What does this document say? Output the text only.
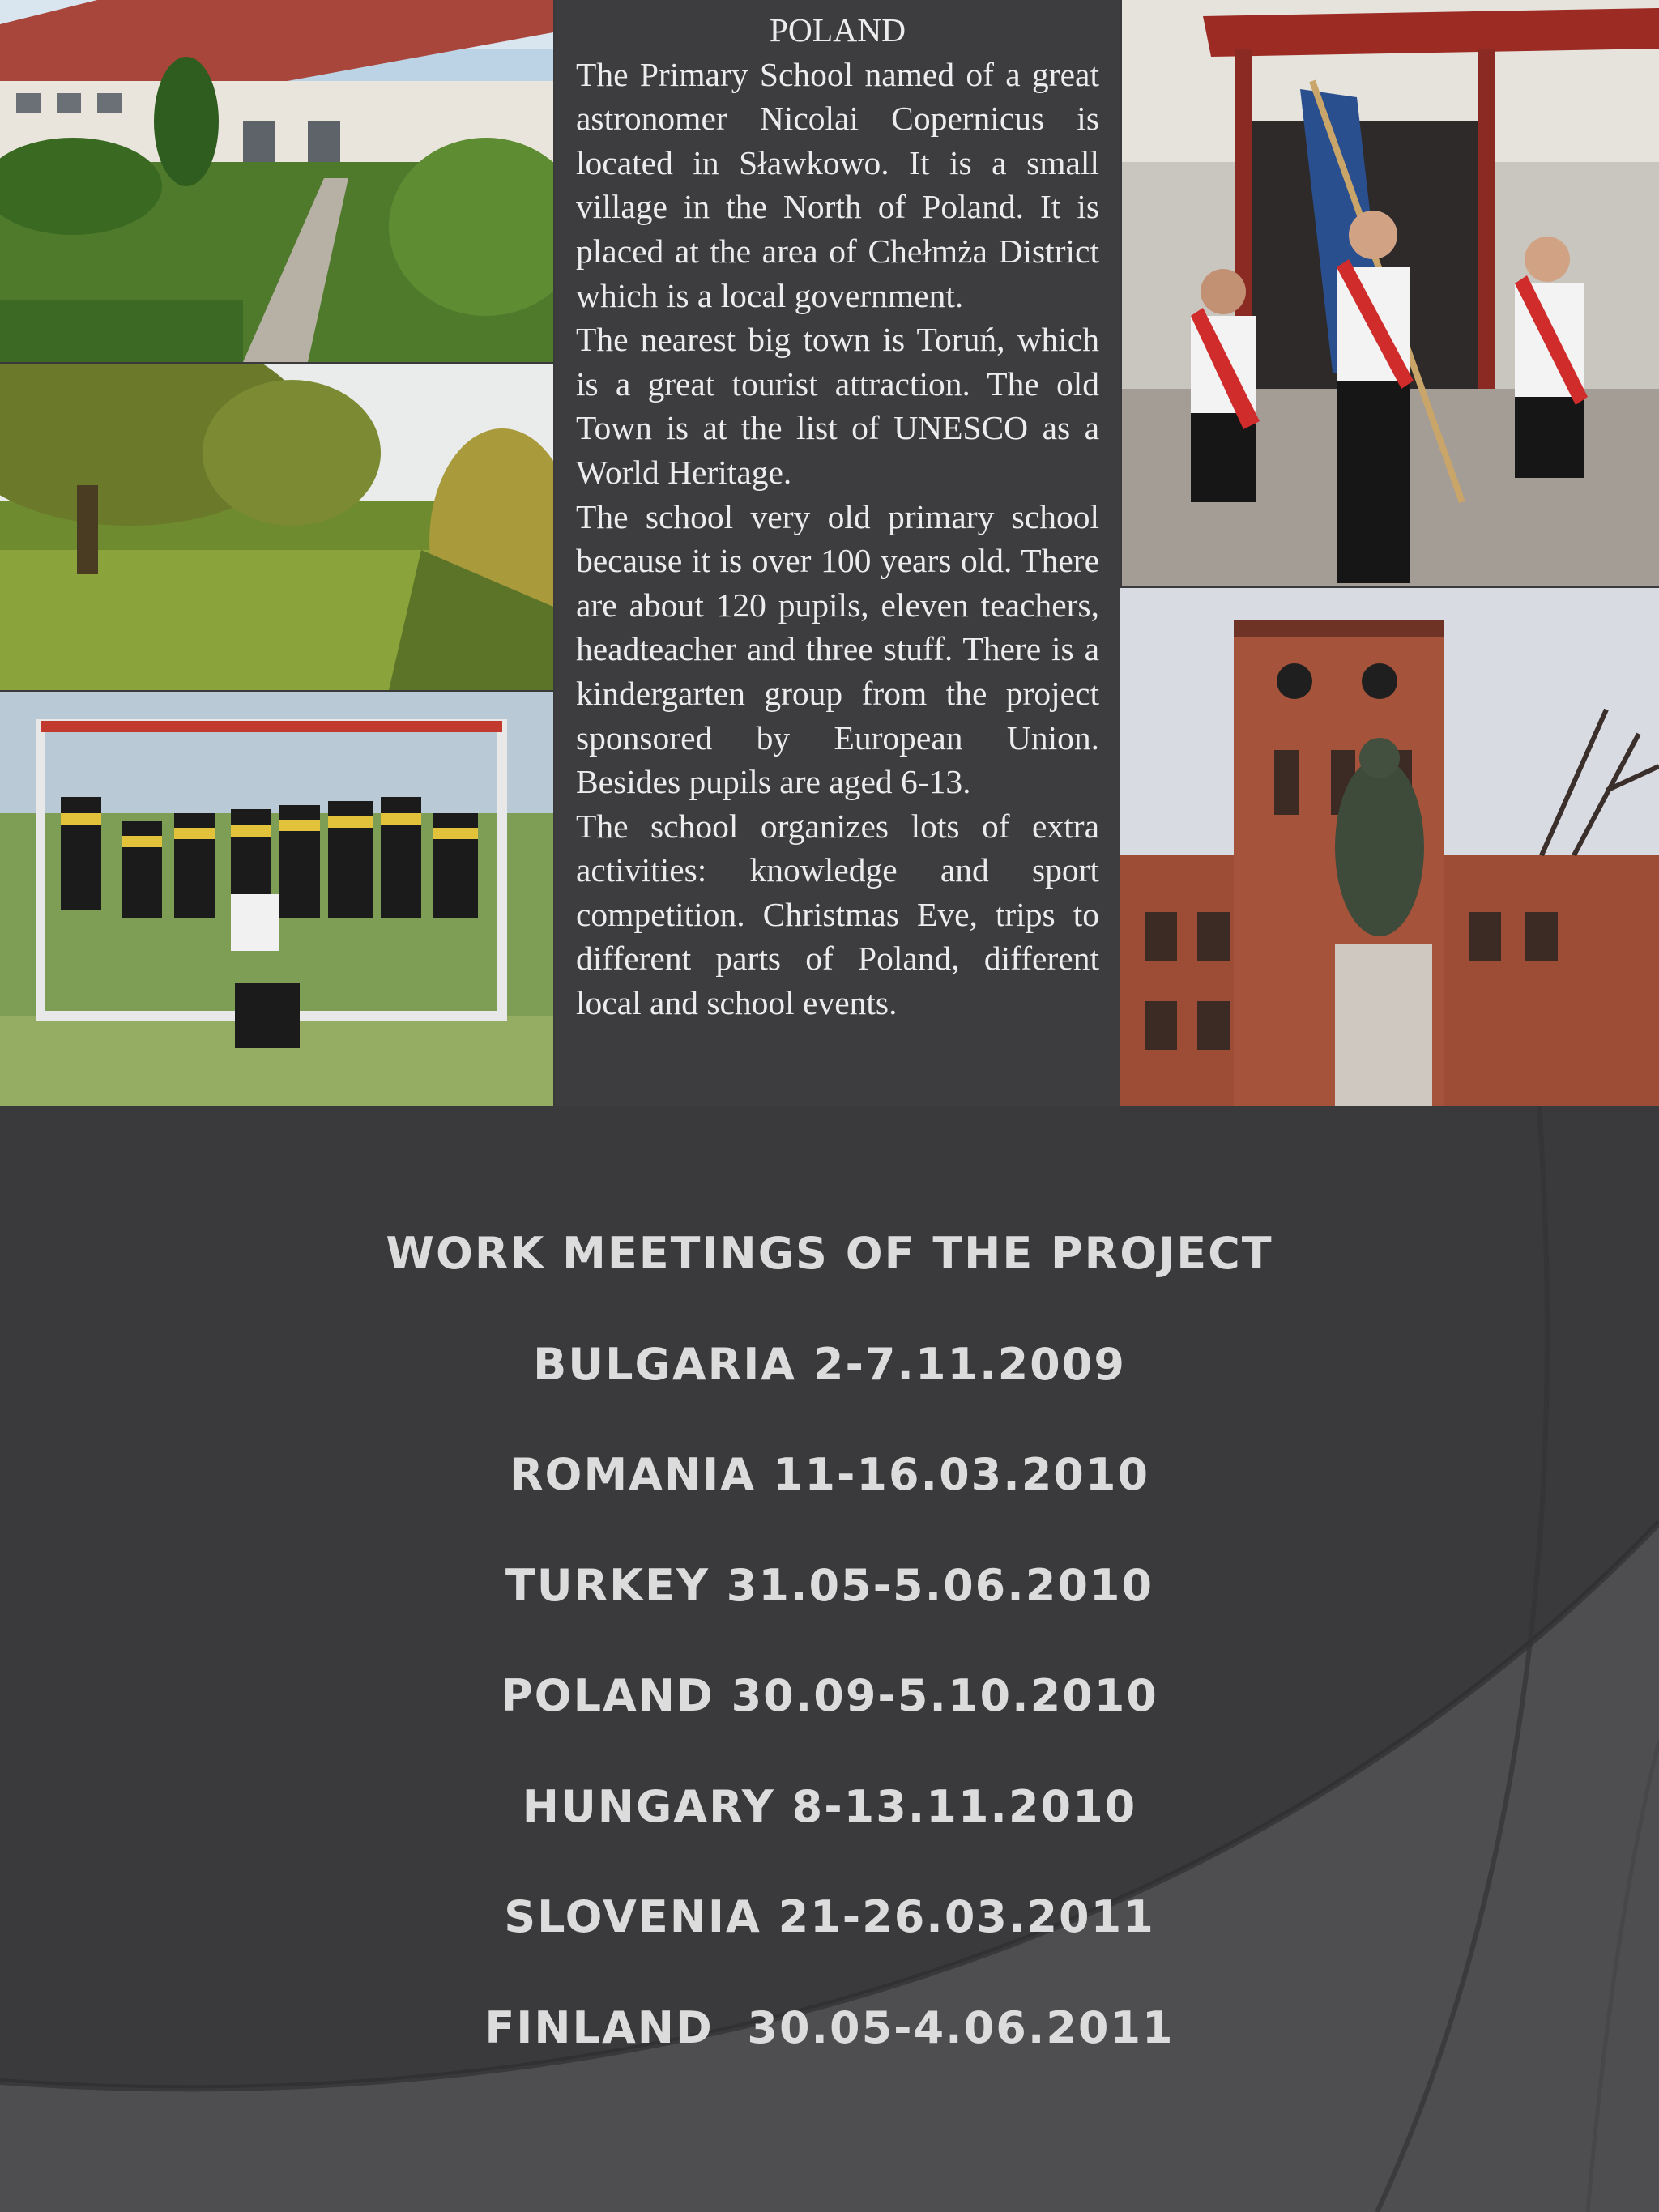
POLAND

The Primary School named of a great astronomer Nicolai Copernicus is located in Sławkowo. It is a small village in the North of Poland. It is placed at the area of Chełmża District which is a local government.

The nearest big town is Toruń, which is a great tourist attraction. The old Town is at the list of UNESCO as a World Heritage.

The school very old primary school because it is over 100 years old. There are about 120 pupils, eleven teachers, headteacher and three stuff. There is a kindergarten group from the project sponsored by European Union. Besides pupils are aged 6-13.

The school organizes lots of extra activities: knowledge and sport competition. Christmas Eve, trips to different parts of Poland, different local and school events.

WORK MEETINGS OF THE PROJECT
BULGARIA 2-7.11.2009
ROMANIA 11-16.03.2010
TURKEY 31.05-5.06.2010
POLAND 30.09-5.10.2010
HUNGARY 8-13.11.2010
SLOVENIA 21-26.03.2011
FINLAND  30.05-4.06.2011
